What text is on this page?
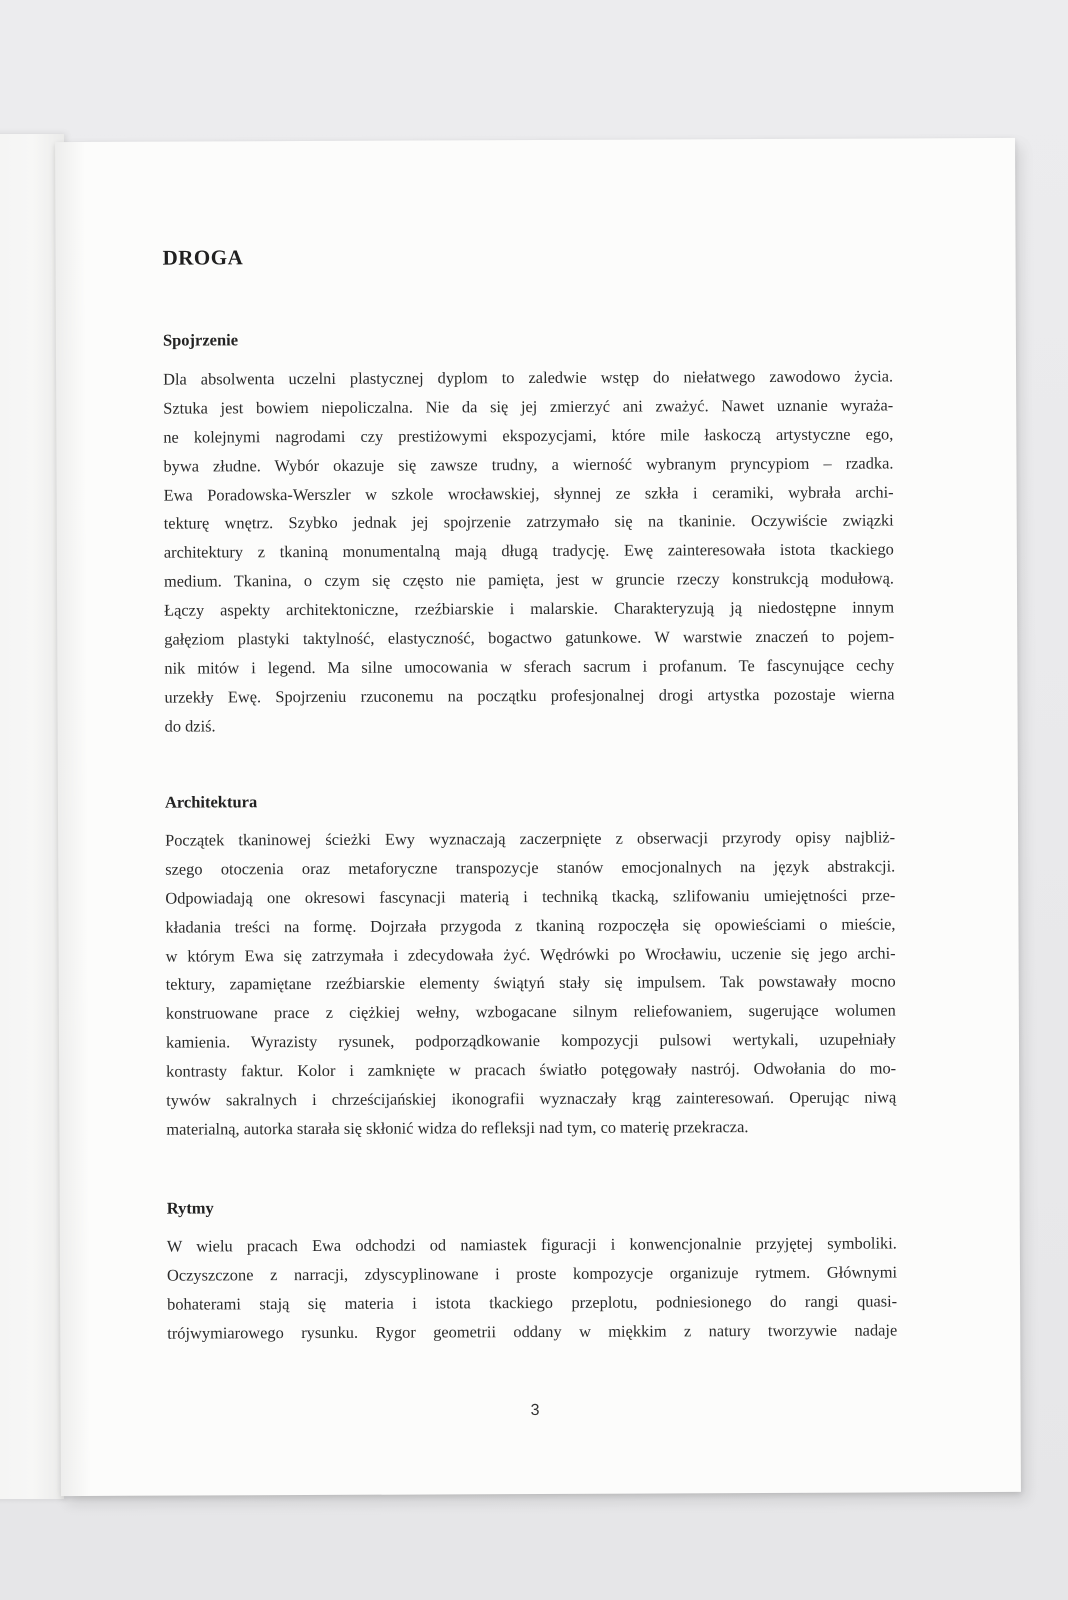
DROGA
Spojrzenie
Dla absolwenta uczelni plastycznej dyplom to zaledwie wstęp do niełatwego zawodowo życia.
Sztuka jest bowiem niepoliczalna. Nie da się jej zmierzyć ani zważyć. Nawet uznanie wyraża-
ne kolejnymi nagrodami czy prestiżowymi ekspozycjami, które mile łaskoczą artystyczne ego,
bywa złudne. Wybór okazuje się zawsze trudny, a wierność wybranym pryncypiom – rzadka.
Ewa Poradowska-Werszler w szkole wrocławskiej, słynnej ze szkła i ceramiki, wybrała archi-
tekturę wnętrz. Szybko jednak jej spojrzenie zatrzymało się na tkaninie. Oczywiście związki
architektury z tkaniną monumentalną mają długą tradycję. Ewę zainteresowała istota tkackiego
medium. Tkanina, o czym się często nie pamięta, jest w gruncie rzeczy konstrukcją modułową.
Łączy aspekty architektoniczne, rzeźbiarskie i malarskie. Charakteryzują ją niedostępne innym
gałęziom plastyki taktylność, elastyczność, bogactwo gatunkowe. W warstwie znaczeń to pojem-
nik mitów i legend. Ma silne umocowania w sferach sacrum i profanum. Te fascynujące cechy
urzekły Ewę. Spojrzeniu rzuconemu na początku profesjonalnej drogi artystka pozostaje wierna
do dziś.
Architektura
Początek tkaninowej ścieżki Ewy wyznaczają zaczerpnięte z obserwacji przyrody opisy najbliż-
szego otoczenia oraz metaforyczne transpozycje stanów emocjonalnych na język abstrakcji.
Odpowiadają one okresowi fascynacji materią i techniką tkacką, szlifowaniu umiejętności prze-
kładania treści na formę. Dojrzała przygoda z tkaniną rozpoczęła się opowieściami o mieście,
w którym Ewa się zatrzymała i zdecydowała żyć. Wędrówki po Wrocławiu, uczenie się jego archi-
tektury, zapamiętane rzeźbiarskie elementy świątyń stały się impulsem. Tak powstawały mocno
konstruowane prace z ciężkiej wełny, wzbogacane silnym reliefowaniem, sugerujące wolumen
kamienia. Wyrazisty rysunek, podporządkowanie kompozycji pulsowi wertykali, uzupełniały
kontrasty faktur. Kolor i zamknięte w pracach światło potęgowały nastrój. Odwołania do mo-
tywów sakralnych i chrześcijańskiej ikonografii wyznaczały krąg zainteresowań. Operując niwą
materialną, autorka starała się skłonić widza do refleksji nad tym, co materię przekracza.
Rytmy
W wielu pracach Ewa odchodzi od namiastek figuracji i konwencjonalnie przyjętej symboliki.
Oczyszczone z narracji, zdyscyplinowane i proste kompozycje organizuje rytmem. Głównymi
bohaterami stają się materia i istota tkackiego przeplotu, podniesionego do rangi quasi-
trójwymiarowego rysunku. Rygor geometrii oddany w miękkim z natury tworzywie nadaje
3
